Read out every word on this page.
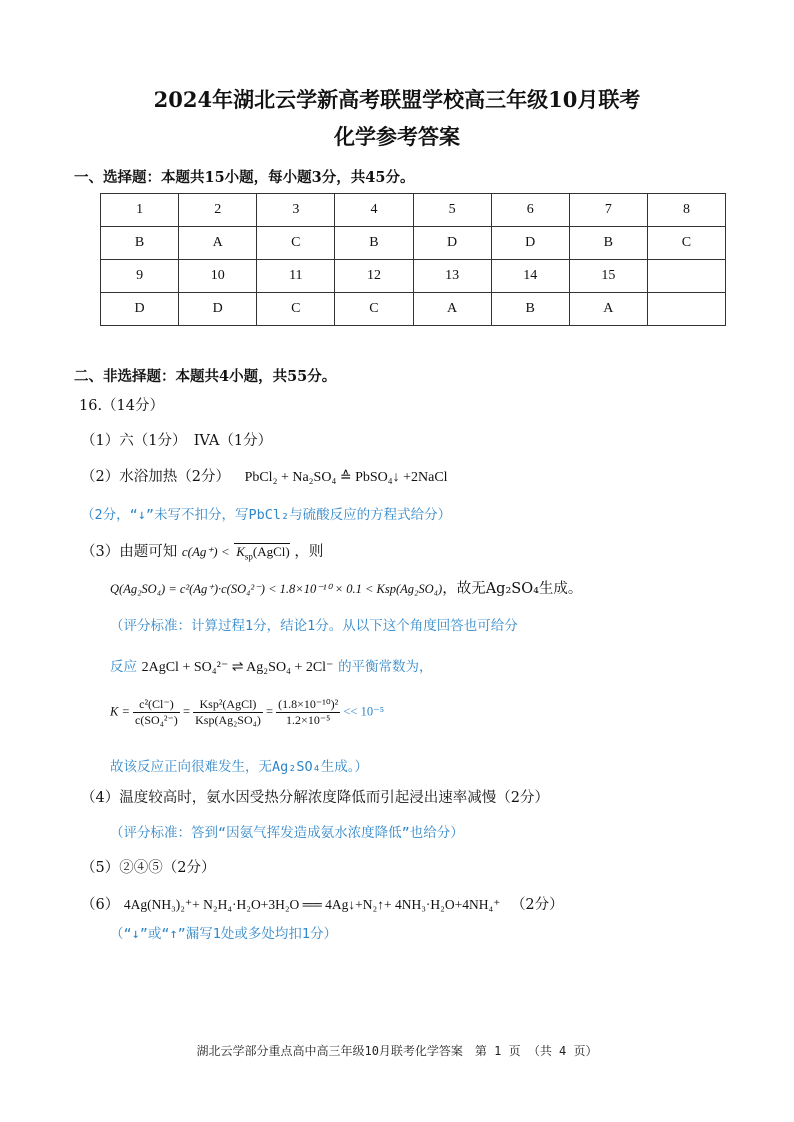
2024年湖北云学新高考联盟学校高三年级10月联考
化学参考答案
一、选择题：本题共15小题，每小题3分，共45分。
1	2	3	4	5	6	7	8
B	A	C	B	D	D	B	C
9	10	11	12	13	14	15	
D	D	C	C	A	B	A	
二、非选择题：本题共4小题，共55分。
16.（14分）
（1）六（1分）　IVA（1分）
（2）水浴加热（2分） PbCl₂ + Na₂SO₄ ≙ PbSO₄↓ +2NaCl
（2分，“↓”未写不扣分，写PbCl₂与硫酸反应的方程式给分）
（3）由题可知 $c(Ag^+) < K_{sp}(AgCl)$ ，则
Q(Ag₂SO₄) = c²(Ag⁺)·c(SO₄²⁻) < 1.8×10⁻¹⁰ × 0.1 < Ksp(Ag₂SO₄)，故无Ag₂SO₄生成。
（评分标准：计算过程1分，结论1分。从以下这个角度回答也可给分
反应 2AgCl + SO₄²⁻ ⇌ Ag₂SO₄ + 2Cl⁻ 的平衡常数为，
$K = \frac{\text{c²(Cl⁻)}}{\text{c(SO₄²⁻)}} = \frac{\text{Ksp²(AgCl)}}{\text{Ksp(Ag₂SO₄)}} = \frac{\text{(1.8×10⁻¹⁰)²}}{\text{1.2×10⁻⁵}} << 10^{-5}$
故该反应正向很难发生，无Ag₂SO₄生成。）
（4）温度较高时，氨水因受热分解浓度降低而引起浸出速率减慢（2分）
（评分标准：答到“因氨气挥发造成氨水浓度降低”也给分）
（5）②④⑤（2分）
（6） 4Ag(NH₃)₂⁺+ N₂H₄·H₂O+3H₂O ══ 4Ag↓+N₂↑+ 4NH₃·H₂O+4NH₄⁺ （2分）
（“↓”或“↑”漏写1处或多处均扣1分）
湖北云学部分重点高中高三年级10月联考化学答案　第 1 页 （共 4 页）
